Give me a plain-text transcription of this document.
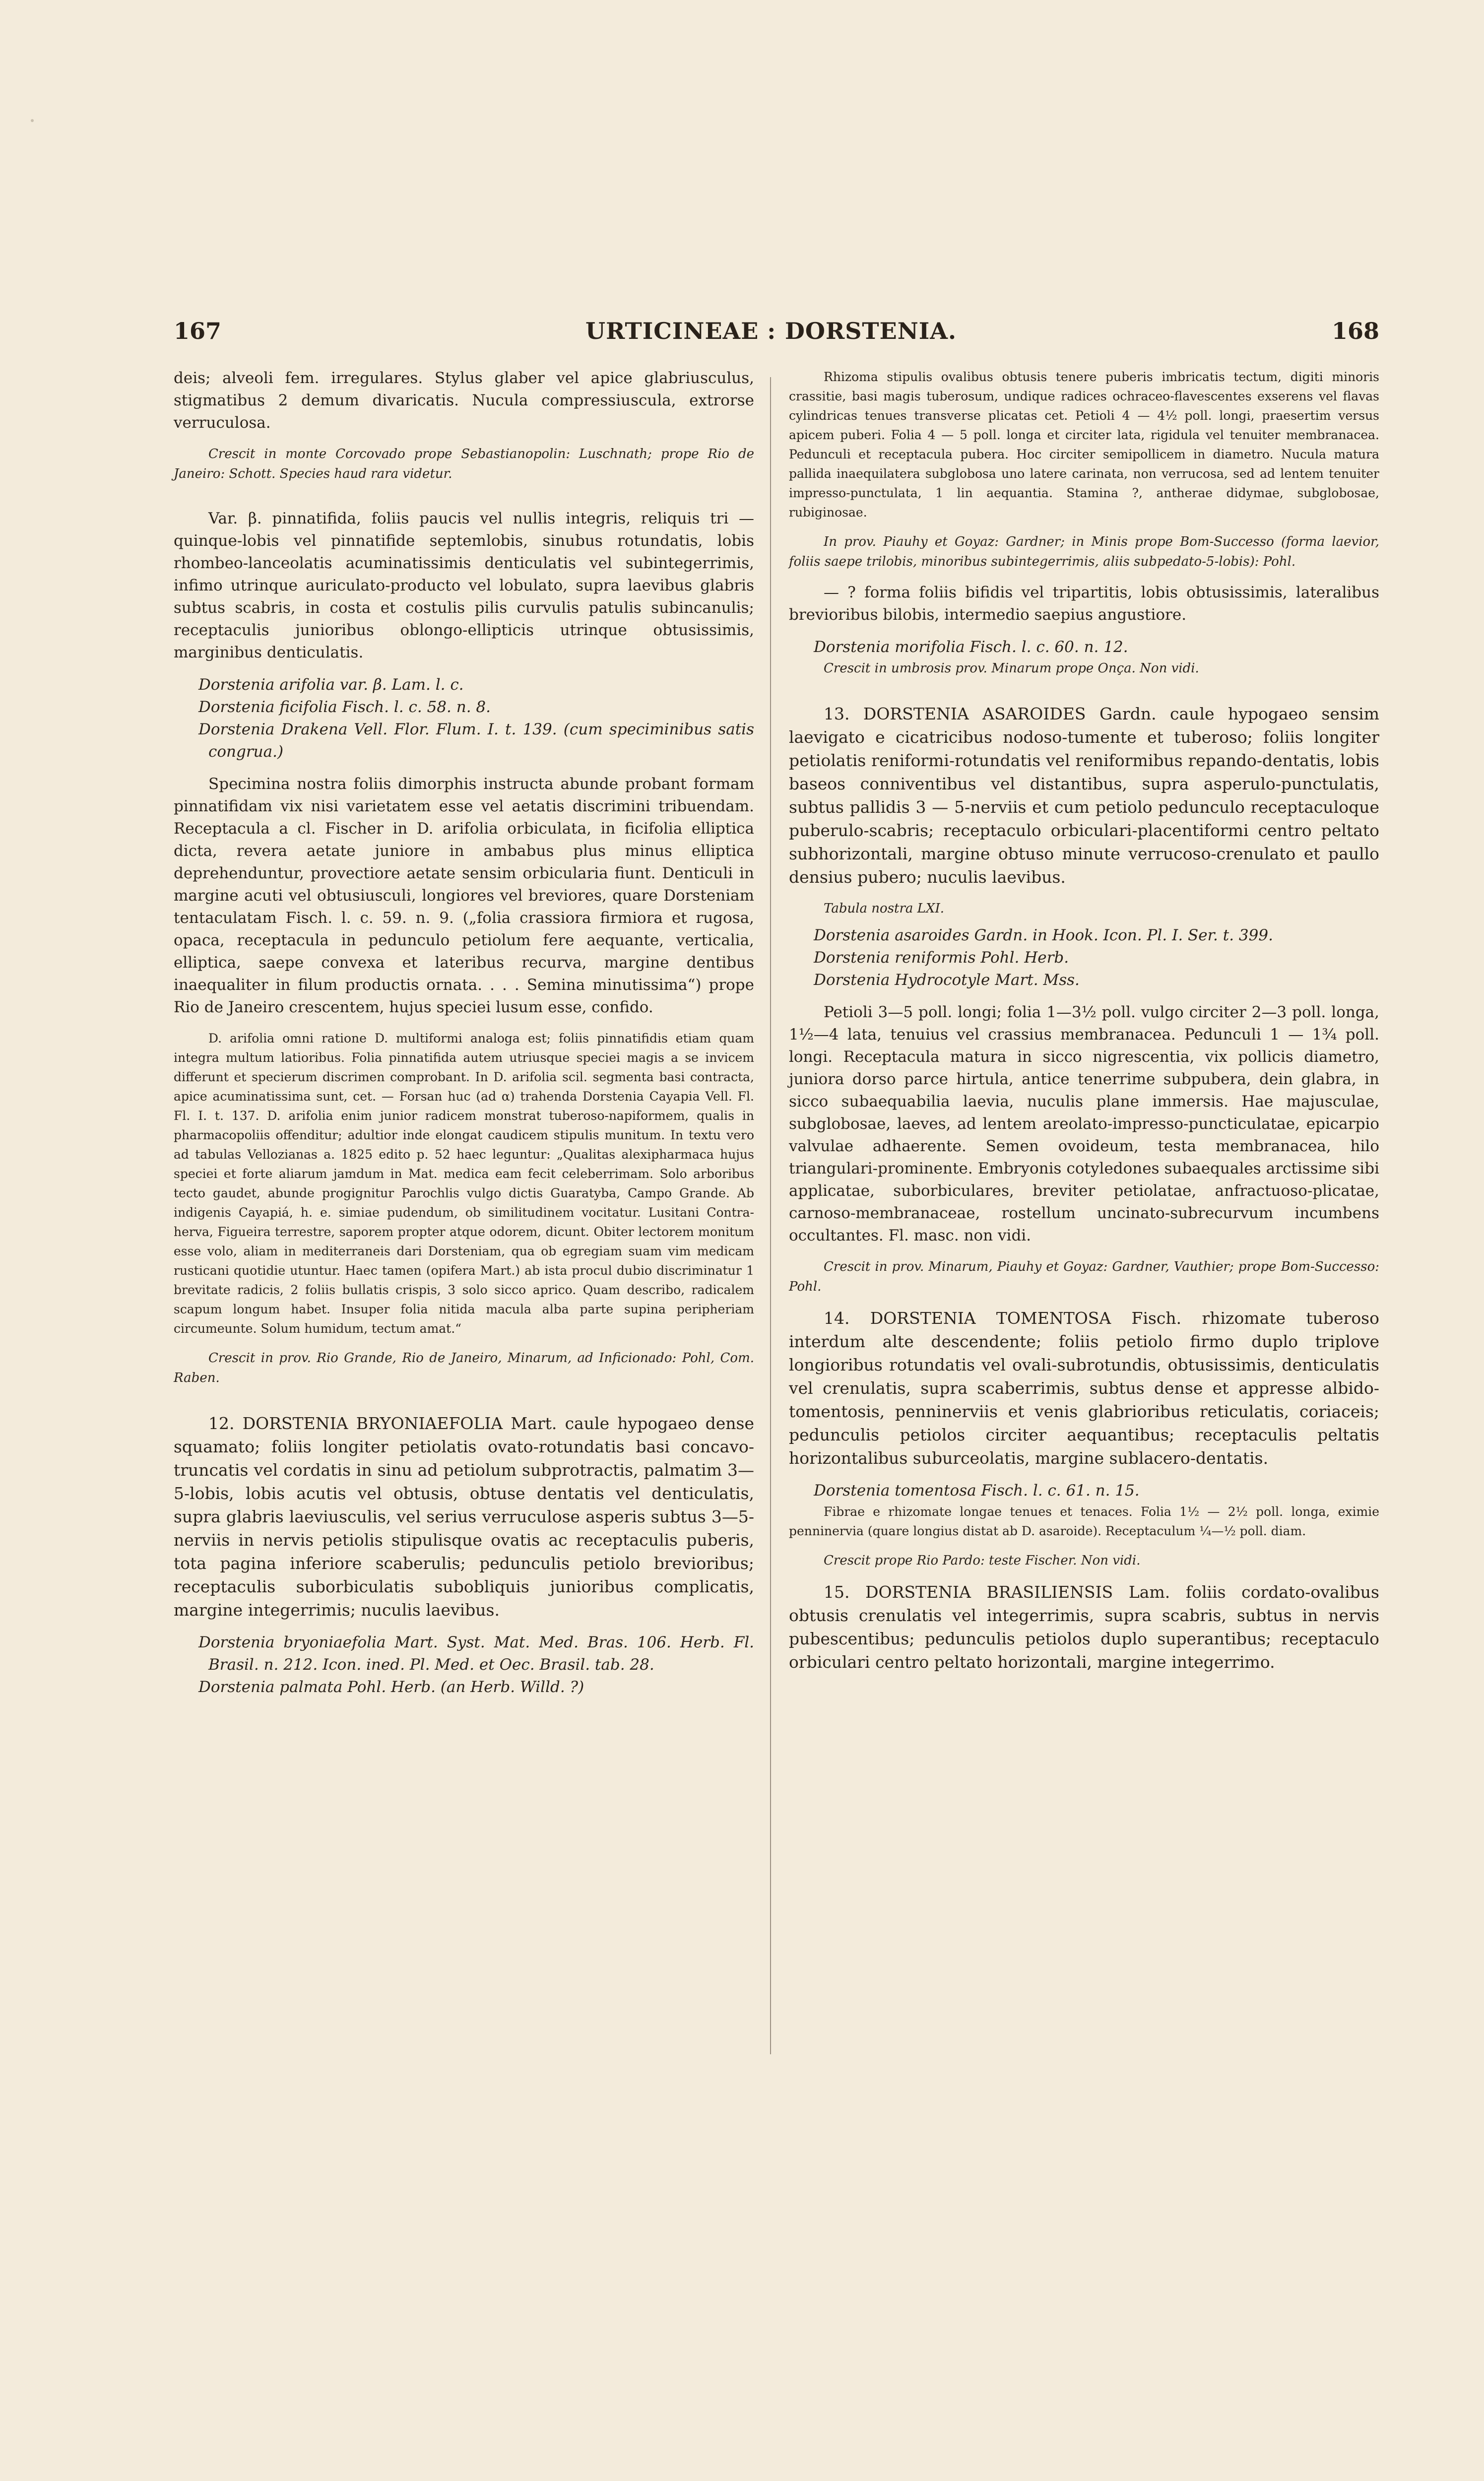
167	URTICINEAE : DORSTENIA.	168

deis; alveoli fem. irregulares. Stylus glaber vel apice glabriusculus, stigmatibus 2 demum divaricatis. Nucula compressiuscula, extrorse verruculosa.

Crescit in monte Corcovado prope Sebastianopolin: Luschnath; prope Rio de Janeiro: Schott. Species haud rara videtur.

Var. β. pinnatifida, foliis paucis vel nullis integris, reliquis tri — quinque-lobis vel pinnatifide septemlobis, sinubus rotundatis, lobis rhombeo-lanceolatis acuminatissimis denticulatis vel subintegerrimis, infimo utrinque auriculato-producto vel lobulato, supra laevibus glabris subtus scabris, in costa et costulis pilis curvulis patulis subincanulis; receptaculis junioribus oblongo-ellipticis utrinque obtusissimis, marginibus denticulatis.

Dorstenia arifolia var. β. Lam. l. c.

Dorstenia ficifolia Fisch. l. c. 58. n. 8.

Dorstenia Drakena Vell. Flor. Flum. I. t. 139. (cum speciminibus satis congrua.)

Specimina nostra foliis dimorphis instructa abunde probant formam pinnatifidam vix nisi varietatem esse vel aetatis discrimini tribuendam. Receptacula a cl. Fischer in D. arifolia orbiculata, in ficifolia elliptica dicta, revera aetate juniore in ambabus plus minus elliptica deprehenduntur, provectiore aetate sensim orbicularia fiunt. Denticuli in margine acuti vel obtusiusculi, longiores vel breviores, quare Dorsteniam tentaculatam Fisch. l. c. 59. n. 9. („folia crassiora firmiora et rugosa, opaca, receptacula in pedunculo petiolum fere aequante, verticalia, elliptica, saepe convexa et lateribus recurva, margine dentibus inaequaliter in filum productis ornata. . . . Semina minutissima“) prope Rio de Janeiro crescentem, hujus speciei lusum esse, confido.

D. arifolia omni ratione D. multiformi analoga est; foliis pinnatifidis etiam quam integra multum latioribus. Folia pinnatifida autem utriusque speciei magis a se invicem differunt et specierum discrimen comprobant. In D. arifolia scil. segmenta basi contracta, apice acuminatissima sunt, cet. — Forsan huc (ad α) trahenda Dorstenia Cayapia Vell. Fl. Fl. I. t. 137. D. arifolia enim junior radicem monstrat tuberoso-napiformem, qualis in pharmacopoliis offenditur; adultior inde elongat caudicem stipulis munitum. In textu vero ad tabulas Vellozianas a. 1825 edito p. 52 haec leguntur: „Qualitas alexipharmaca hujus speciei et forte aliarum jamdum in Mat. medica eam fecit celeberrimam. Solo arboribus tecto gaudet, abunde progignitur Parochlis vulgo dictis Guaratyba, Campo Grande. Ab indigenis Cayapiá, h. e. simiae pudendum, ob similitudinem vocitatur. Lusitani Contra-herva, Figueira terrestre, saporem propter atque odorem, dicunt. Obiter lectorem monitum esse volo, aliam in mediterraneis dari Dorsteniam, qua ob egregiam suam vim medicam rusticani quotidie utuntur. Haec tamen (opifera Mart.) ab ista procul dubio discriminatur 1 brevitate radicis, 2 foliis bullatis crispis, 3 solo sicco aprico. Quam describo, radicalem scapum longum habet. Insuper folia nitida macula alba parte supina peripheriam circumeunte. Solum humidum, tectum amat.“

Crescit in prov. Rio Grande, Rio de Janeiro, Minarum, ad Inficionado: Pohl, Com. Raben.

12. DORSTENIA BRYONIAEFOLIA Mart. caule hypogaeo dense squamato; foliis longiter petiolatis ovato-rotundatis basi concavo-truncatis vel cordatis in sinu ad petiolum subprotractis, palmatim 3—5-lobis, lobis acutis vel obtusis, obtuse dentatis vel denticulatis, supra glabris laeviusculis, vel serius verruculose asperis subtus 3—5-nerviis in nervis petiolis stipulisque ovatis ac receptaculis puberis, tota pagina inferiore scaberulis; pedunculis petiolo brevioribus; receptaculis suborbiculatis subobliquis junioribus complicatis, margine integerrimis; nuculis laevibus.

Dorstenia bryoniaefolia Mart. Syst. Mat. Med. Bras. 106. Herb. Fl. Brasil. n. 212. Icon. ined. Pl. Med. et Oec. Brasil. tab. 28.

Dorstenia palmata Pohl. Herb. (an Herb. Willd. ?)

Rhizoma stipulis ovalibus obtusis tenere puberis imbricatis tectum, digiti minoris crassitie, basi magis tuberosum, undique radices ochraceo-flavescentes exserens vel flavas cylindricas tenues transverse plicatas cet. Petioli 4 — 4½ poll. longi, praesertim versus apicem puberi. Folia 4 — 5 poll. longa et circiter lata, rigidula vel tenuiter membranacea. Pedunculi et receptacula pubera. Hoc circiter semipollicem in diametro. Nucula matura pallida inaequilatera subglobosa uno latere carinata, non verrucosa, sed ad lentem tenuiter impresso-punctulata, 1 lin aequantia. Stamina ?, antherae didymae, subglobosae, rubiginosae.

In prov. Piauhy et Goyaz: Gardner; in Minis prope Bom-Successo (forma laevior, foliis saepe trilobis, minoribus subintegerrimis, aliis subpedato-5-lobis): Pohl.

— ? forma foliis bifidis vel tripartitis, lobis obtusissimis, lateralibus brevioribus bilobis, intermedio saepius angustiore.

Dorstenia morifolia Fisch. l. c. 60. n. 12.

Crescit in umbrosis prov. Minarum prope Onça. Non vidi.

13. DORSTENIA ASAROIDES Gardn. caule hypogaeo sensim laevigato e cicatricibus nodoso-tumente et tuberoso; foliis longiter petiolatis reniformi-rotundatis vel reniformibus repando-dentatis, lobis baseos conniventibus vel distantibus, supra asperulo-punctulatis, subtus pallidis 3 — 5-nerviis et cum petiolo pedunculo receptaculoque puberulo-scabris; receptaculo orbiculari-placentiformi centro peltato subhorizontali, margine obtuso minute verrucoso-crenulato et paullo densius pubero; nuculis laevibus.

Tabula nostra LXI.

Dorstenia asaroides Gardn. in Hook. Icon. Pl. I. Ser. t. 399.

Dorstenia reniformis Pohl. Herb.

Dorstenia Hydrocotyle Mart. Mss.

Petioli 3—5 poll. longi; folia 1—3½ poll. vulgo circiter 2—3 poll. longa, 1½—4 lata, tenuius vel crassius membranacea. Pedunculi 1 — 1¾ poll. longi. Receptacula matura in sicco nigrescentia, vix pollicis diametro, juniora dorso parce hirtula, antice tenerrime subpubera, dein glabra, in sicco subaequabilia laevia, nuculis plane immersis. Hae majusculae, subglobosae, laeves, ad lentem areolato-impresso-puncticulatae, epicarpio valvulae adhaerente. Semen ovoideum, testa membranacea, hilo triangulari-prominente. Embryonis cotyledones subaequales arctissime sibi applicatae, suborbiculares, breviter petiolatae, anfractuoso-plicatae, carnoso-membranaceae, rostellum uncinato-subrecurvum incumbens occultantes. Fl. masc. non vidi.

Crescit in prov. Minarum, Piauhy et Goyaz: Gardner, Vauthier; prope Bom-Successo: Pohl.

14. DORSTENIA TOMENTOSA Fisch. rhizomate tuberoso interdum alte descendente; foliis petiolo firmo duplo triplove longioribus rotundatis vel ovali-subrotundis, obtusissimis, denticulatis vel crenulatis, supra scaberrimis, subtus dense et appresse albido-tomentosis, penninerviis et venis glabrioribus reticulatis, coriaceis; pedunculis petiolos circiter aequantibus; receptaculis peltatis horizontalibus suburceolatis, margine sublacero-dentatis.

Dorstenia tomentosa Fisch. l. c. 61. n. 15.

Fibrae e rhizomate longae tenues et tenaces. Folia 1½ — 2½ poll. longa, eximie penninervia (quare longius distat ab D. asaroide). Receptaculum ¼—½ poll. diam.

Crescit prope Rio Pardo: teste Fischer. Non vidi.

15. DORSTENIA BRASILIENSIS Lam. foliis cordato-ovalibus obtusis crenulatis vel integerrimis, supra scabris, subtus in nervis pubescentibus; pedunculis petiolos duplo superantibus; receptaculo orbiculari centro peltato horizontali, margine integerrimo.
